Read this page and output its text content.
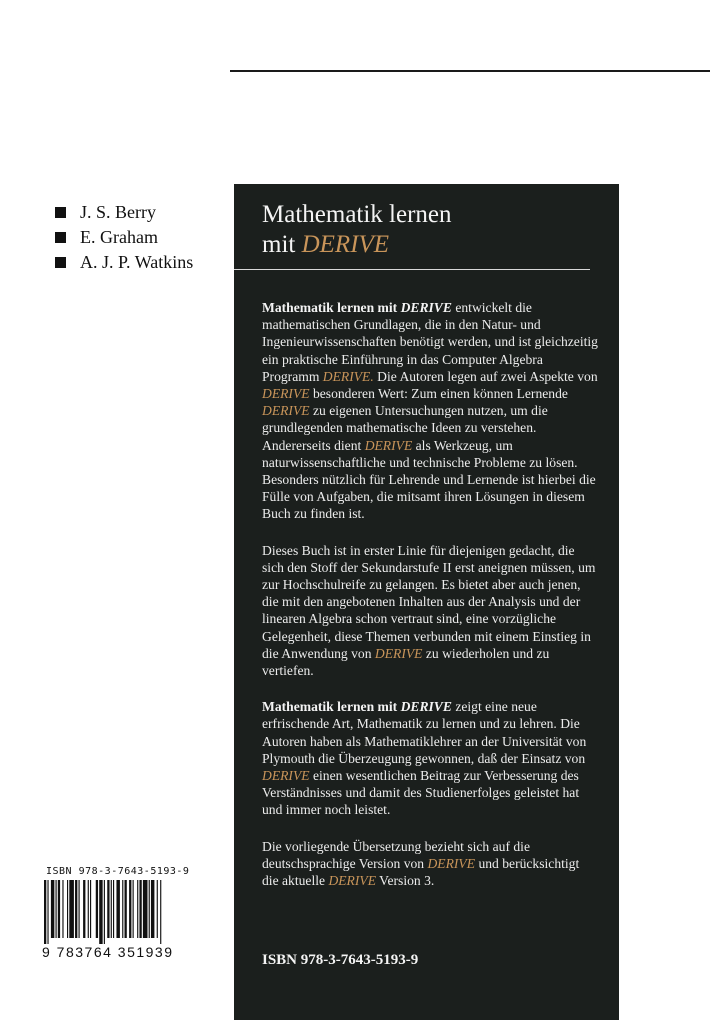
J. S. Berry
E. Graham
A. J. P. Watkins
Mathematik lernen
mit DERIVE

Mathematik lernen mit DERIVE entwickelt die mathematischen Grundlagen, die in den Natur- und Ingenieurwissenschaften benötigt werden, und ist gleichzeitig ein praktische Einführung in das Computer Algebra Programm DERIVE. Die Autoren legen auf zwei Aspekte von DERIVE besonderen Wert: Zum einen können Lernende DERIVE zu eigenen Untersuchungen nutzen, um die grundlegenden mathematische Ideen zu verstehen. Andererseits dient DERIVE als Werkzeug, um naturwissenschaftliche und technische Probleme zu lösen. Besonders nützlich für Lehrende und Lernende ist hierbei die Fülle von Aufgaben, die mitsamt ihren Lösungen in diesem Buch zu finden ist.

Dieses Buch ist in erster Linie für diejenigen gedacht, die sich den Stoff der Sekundarstufe II erst aneignen müssen, um zur Hochschulreife zu gelangen. Es bietet aber auch jenen, die mit den angebotenen Inhalten aus der Analysis und der linearen Algebra schon vertraut sind, eine vorzügliche Gelegenheit, diese Themen verbunden mit einem Einstieg in die Anwendung von DERIVE zu wiederholen und zu vertiefen.

Mathematik lernen mit DERIVE zeigt eine neue erfrischende Art, Mathematik zu lernen und zu lehren. Die Autoren haben als Mathematiklehrer an der Universität von Plymouth die Überzeugung gewonnen, daß der Einsatz von DERIVE einen wesentlichen Beitrag zur Verbesserung des Verständnisses und damit des Studienerfolges geleistet hat und immer noch leistet.

Die vorliegende Übersetzung bezieht sich auf die deutschsprachige Version von DERIVE und berücksichtigt die aktuelle DERIVE Version 3.

ISBN 978-3-7643-5193-9
ISBN 978-3-7643-5193-9
9 783764 351939
